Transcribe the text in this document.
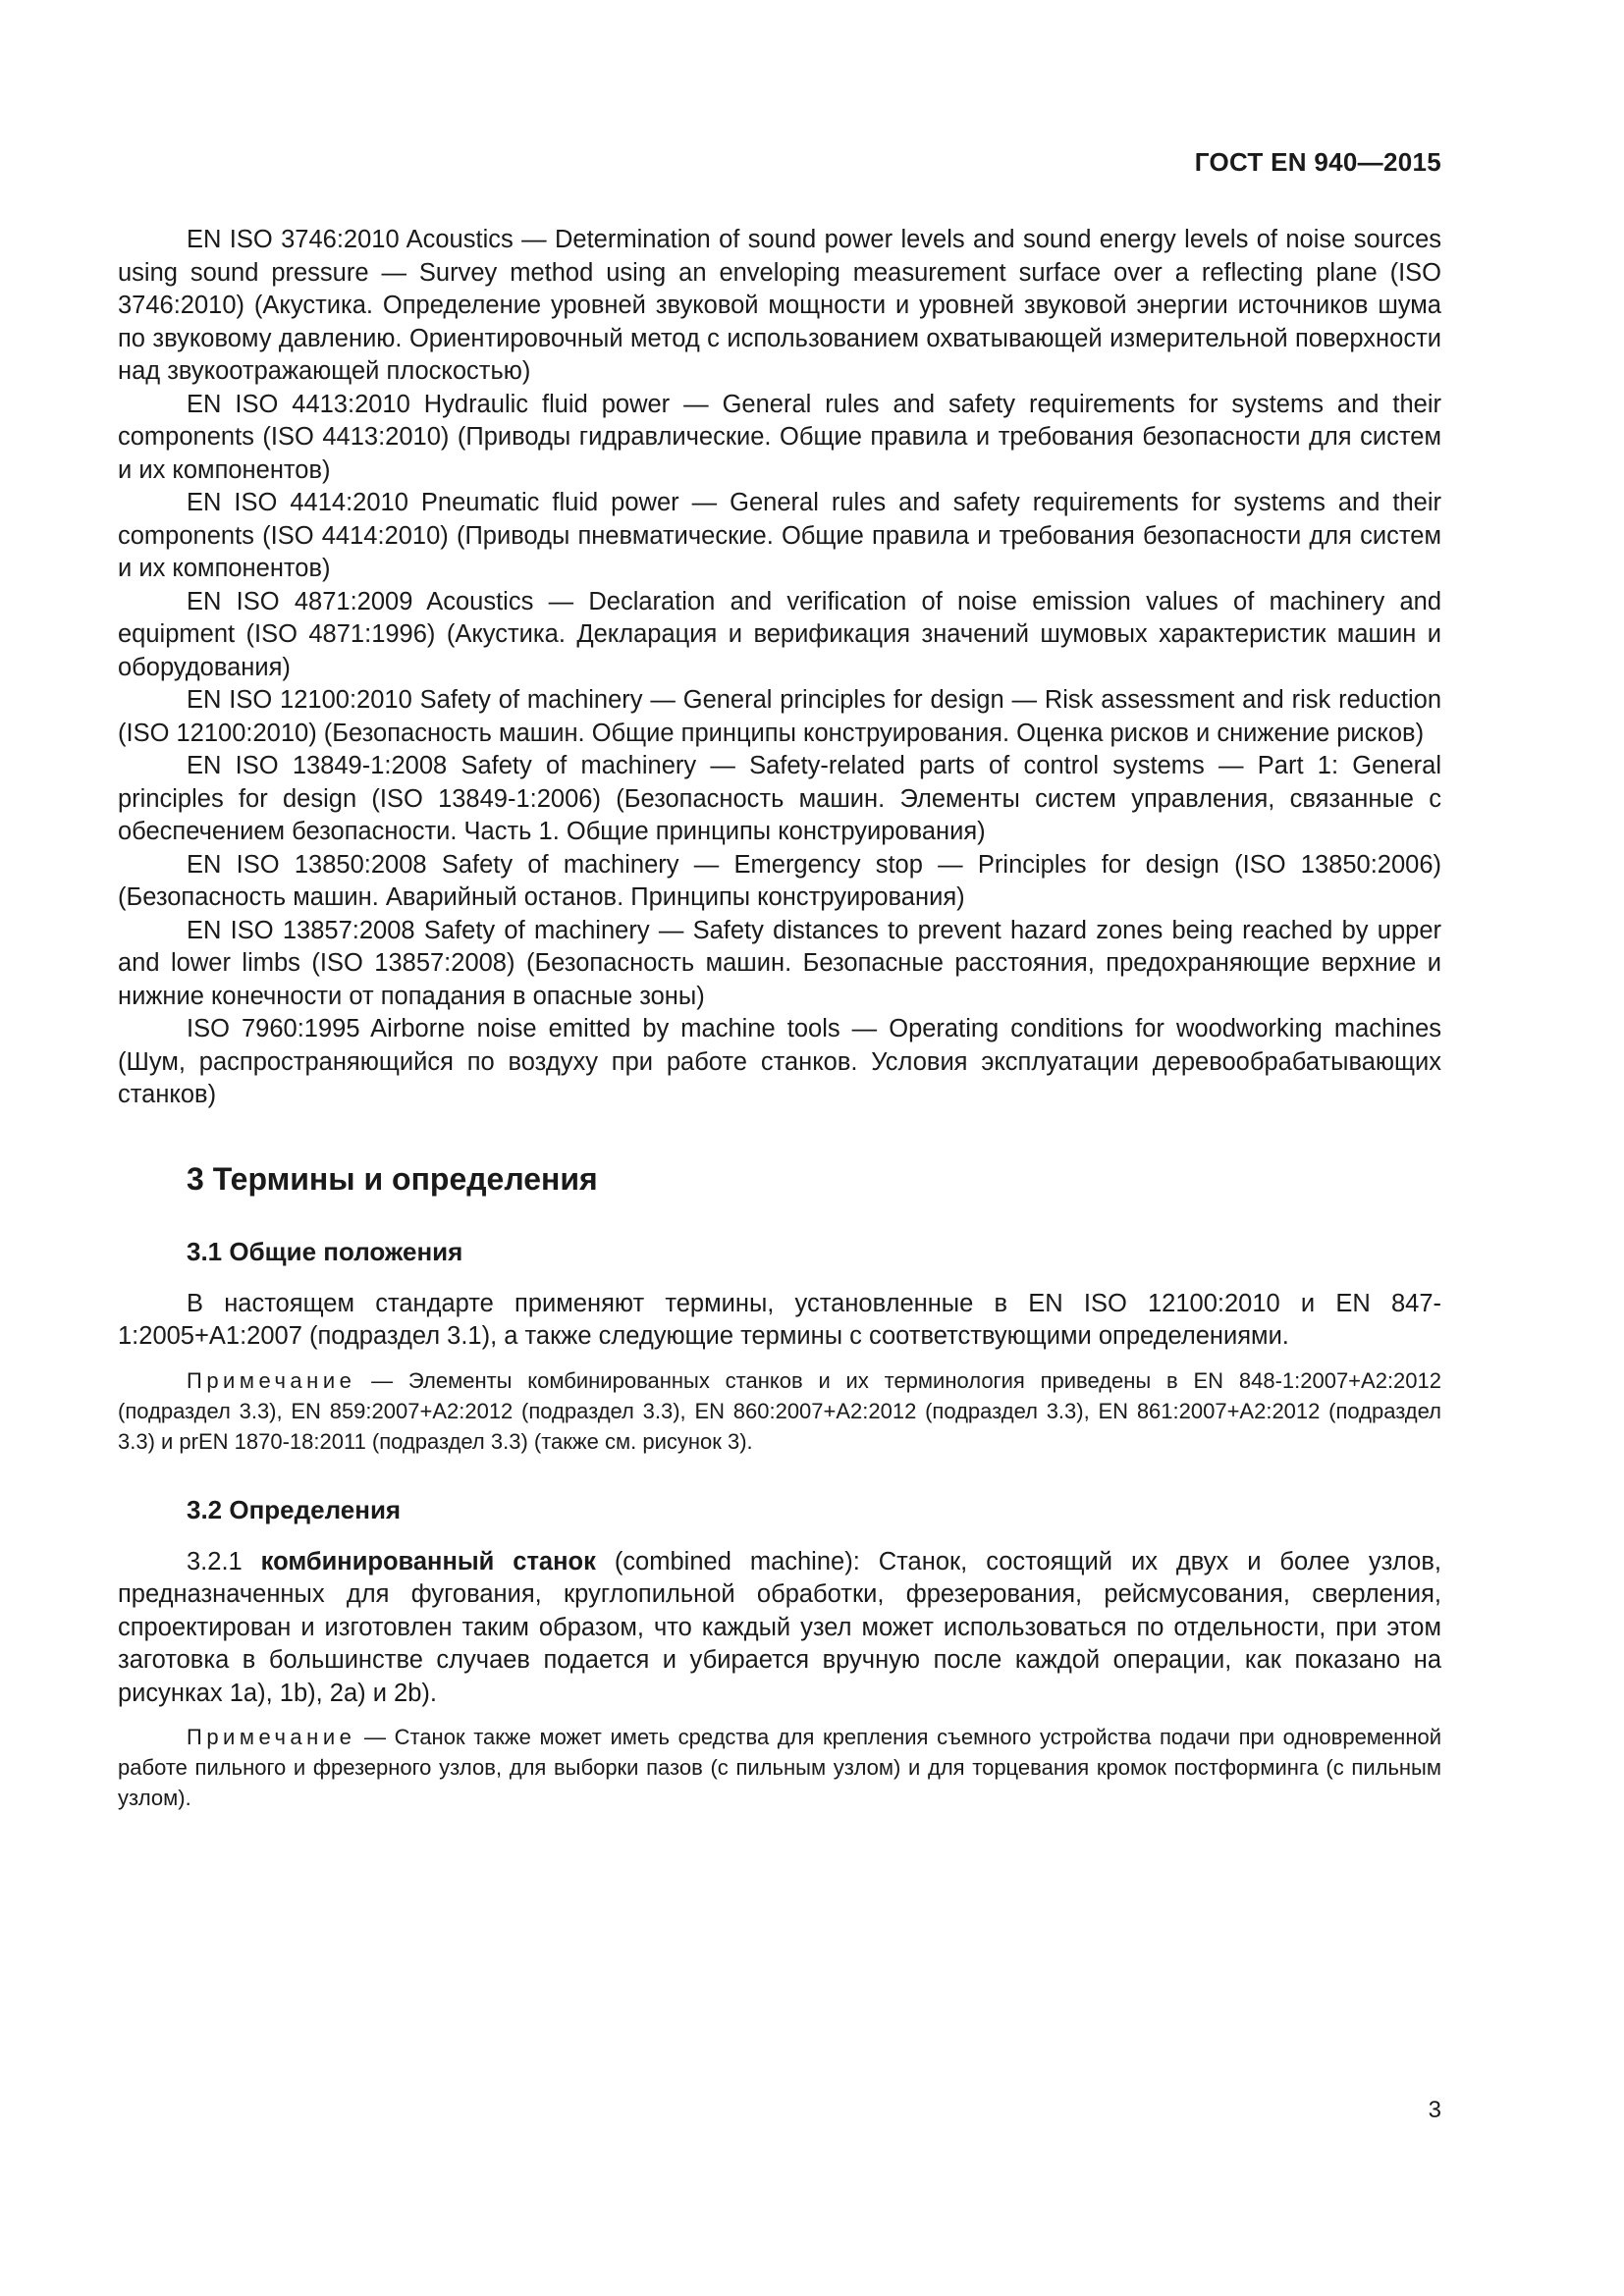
ГОСТ EN 940—2015

EN ISO 3746:2010 Acoustics — Determination of sound power levels and sound energy levels of noise sources using sound pressure — Survey method using an enveloping measurement surface over a reflecting plane (ISO 3746:2010) (Акустика. Определение уровней звуковой мощности и уровней звуковой энергии источников шума по звуковому давлению. Ориентировочный метод с использованием охватывающей измерительной поверхности над звукоотражающей плоскостью)

EN ISO 4413:2010 Hydraulic fluid power — General rules and safety requirements for systems and their components (ISO 4413:2010) (Приводы гидравлические. Общие правила и требования безопасности для систем и их компонентов)

EN ISO 4414:2010 Pneumatic fluid power — General rules and safety requirements for systems and their components (ISO 4414:2010) (Приводы пневматические. Общие правила и требования безопасности для систем и их компонентов)

EN ISO 4871:2009 Acoustics — Declaration and verification of noise emission values of machinery and equipment (ISO 4871:1996) (Акустика. Декларация и верификация значений шумовых характеристик машин и оборудования)

EN ISO 12100:2010 Safety of machinery — General principles for design — Risk assessment and risk reduction (ISO 12100:2010) (Безопасность машин. Общие принципы конструирования. Оценка рисков и снижение рисков)

EN ISO 13849-1:2008 Safety of machinery — Safety-related parts of control systems — Part 1: General principles for design (ISO 13849-1:2006) (Безопасность машин. Элементы систем управления, связанные с обеспечением безопасности. Часть 1. Общие принципы конструирования)

EN ISO 13850:2008 Safety of machinery — Emergency stop — Principles for design (ISO 13850:2006) (Безопасность машин. Аварийный останов. Принципы конструирования)

EN ISO 13857:2008 Safety of machinery — Safety distances to prevent hazard zones being reached by upper and lower limbs (ISO 13857:2008) (Безопасность машин. Безопасные расстояния, предохраняющие верхние и нижние конечности от попадания в опасные зоны)

ISO 7960:1995 Airborne noise emitted by machine tools — Operating conditions for woodworking machines (Шум, распространяющийся по воздуху при работе станков. Условия эксплуатации деревообрабатывающих станков)

3 Термины и определения
3.1 Общие положения

В настоящем стандарте применяют термины, установленные в EN ISO 12100:2010 и EN 847-1:2005+A1:2007 (подраздел 3.1), а также следующие термины с соответствующими определениями.

Примечание — Элементы комбинированных станков и их терминология приведены в EN 848-1:2007+A2:2012 (подраздел 3.3), EN 859:2007+A2:2012 (подраздел 3.3), EN 860:2007+A2:2012 (подраздел 3.3), EN 861:2007+A2:2012 (подраздел 3.3) и prEN 1870-18:2011 (подраздел 3.3) (также см. рисунок 3).

3.2 Определения

3.2.1 комбинированный станок (combined machine): Станок, состоящий их двух и более узлов, предназначенных для фугования, круглопильной обработки, фрезерования, рейсмусования, сверления, спроектирован и изготовлен таким образом, что каждый узел может использоваться по отдельности, при этом заготовка в большинстве случаев подается и убирается вручную после каждой операции, как показано на рисунках 1а), 1b), 2а) и 2b).

Примечание — Станок также может иметь средства для крепления съемного устройства подачи при одновременной работе пильного и фрезерного узлов, для выборки пазов (с пильным узлом) и для торцевания кромок постформинга (с пильным узлом).

3
